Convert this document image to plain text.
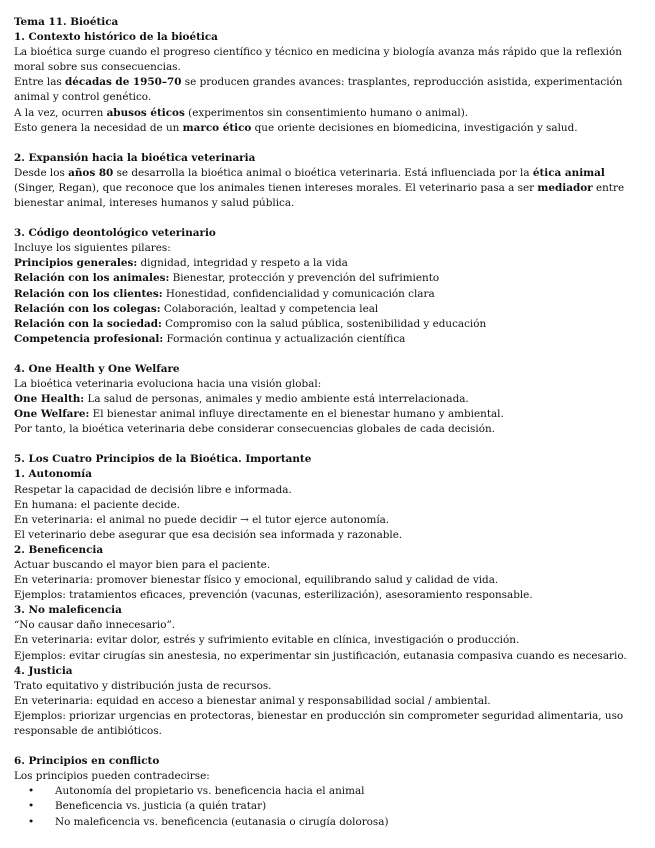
Tema 11. Bioética
1. Contexto histórico de la bioética
La bioética surge cuando el progreso científico y técnico en medicina y biología avanza más rápido que la reflexión moral sobre sus consecuencias.
Entre las décadas de 1950–70 se producen grandes avances: trasplantes, reproducción asistida, experimentación animal y control genético.
A la vez, ocurren abusos éticos (experimentos sin consentimiento humano o animal).
Esto genera la necesidad de un marco ético que oriente decisiones en biomedicina, investigación y salud.
2. Expansión hacia la bioética veterinaria
Desde los años 80 se desarrolla la bioética animal o bioética veterinaria. Está influenciada por la ética animal (Singer, Regan), que reconoce que los animales tienen intereses morales. El veterinario pasa a ser mediador entre bienestar animal, intereses humanos y salud pública.
3. Código deontológico veterinario
Incluye los siguientes pilares:
Principios generales: dignidad, integridad y respeto a la vida
Relación con los animales: Bienestar, protección y prevención del sufrimiento
Relación con los clientes: Honestidad, confidencialidad y comunicación clara
Relación con los colegas: Colaboración, lealtad y competencia leal
Relación con la sociedad: Compromiso con la salud pública, sostenibilidad y educación
Competencia profesional: Formación continua y actualización científica
4. One Health y One Welfare
La bioética veterinaria evoluciona hacia una visión global:
One Health: La salud de personas, animales y medio ambiente está interrelacionada.
One Welfare: El bienestar animal influye directamente en el bienestar humano y ambiental.
Por tanto, la bioética veterinaria debe considerar consecuencias globales de cada decisión.
5. Los Cuatro Principios de la Bioética. Importante
1. Autonomía
Respetar la capacidad de decisión libre e informada.
En humana: el paciente decide.
En veterinaria: el animal no puede decidir → el tutor ejerce autonomía.
El veterinario debe asegurar que esa decisión sea informada y razonable.
2. Beneficencia
Actuar buscando el mayor bien para el paciente.
En veterinaria: promover bienestar físico y emocional, equilibrando salud y calidad de vida.
Ejemplos: tratamientos eficaces, prevención (vacunas, esterilización), asesoramiento responsable.
3. No maleficencia
“No causar daño innecesario”.
En veterinaria: evitar dolor, estrés y sufrimiento evitable en clínica, investigación o producción.
Ejemplos: evitar cirugías sin anestesia, no experimentar sin justificación, eutanasia compasiva cuando es necesario.
4. Justicia
Trato equitativo y distribución justa de recursos.
En veterinaria: equidad en acceso a bienestar animal y responsabilidad social / ambiental.
Ejemplos: priorizar urgencias en protectoras, bienestar en producción sin comprometer seguridad alimentaria, uso responsable de antibióticos.
6. Principios en conflicto
Los principios pueden contradecirse:
• Autonomía del propietario vs. beneficencia hacia el animal
• Beneficencia vs. justicia (a quién tratar)
• No maleficencia vs. beneficencia (eutanasia o cirugía dolorosa)
